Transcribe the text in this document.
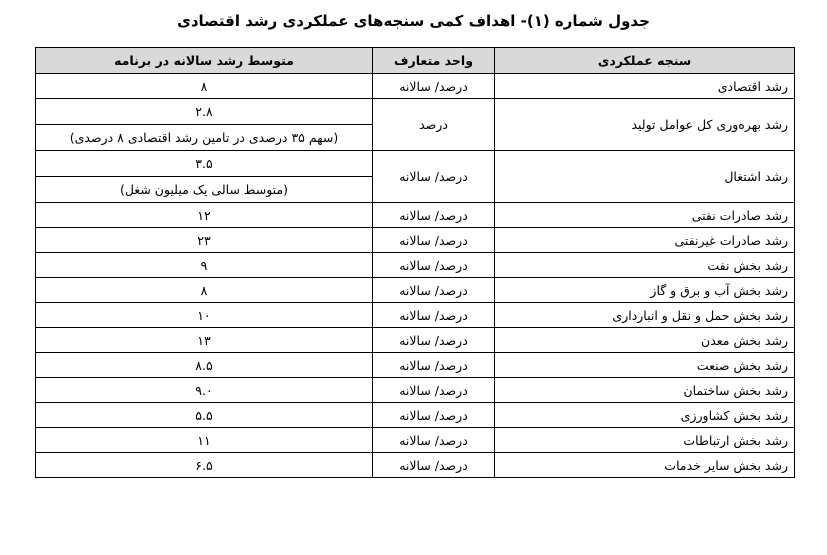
جدول شماره (۱)- اهداف کمی سنجه‌های عملکردی رشد اقتصادی
سنجه عملکردی	واحد متعارف	متوسط رشد سالانه در برنامه
رشد اقتصادی	درصد/ سالانه	۸
رشد بهره‌وری کل عوامل تولید	درصد	۲.۸
		(سهم ۳۵ درصدی در تامین رشد اقتصادی ۸ درصدی)
رشد اشتغال	درصد/ سالانه	۳.۵
		(متوسط سالی یک میلیون شغل)
رشد صادرات نفتی	درصد/ سالانه	۱۲
رشد صادرات غیرنفتی	درصد/ سالانه	۲۳
رشد بخش نفت	درصد/ سالانه	۹
رشد بخش آب و برق و گاز	درصد/ سالانه	۸
رشد بخش حمل و نقل و انبارداری	درصد/ سالانه	۱۰
رشد بخش معدن	درصد/ سالانه	۱۳
رشد بخش صنعت	درصد/ سالانه	۸.۵
رشد بخش ساختمان	درصد/ سالانه	۹.۰
رشد بخش کشاورزی	درصد/ سالانه	۵.۵
رشد بخش ارتباطات	درصد/ سالانه	۱۱
رشد بخش سایر خدمات	درصد/ سالانه	۶.۵
